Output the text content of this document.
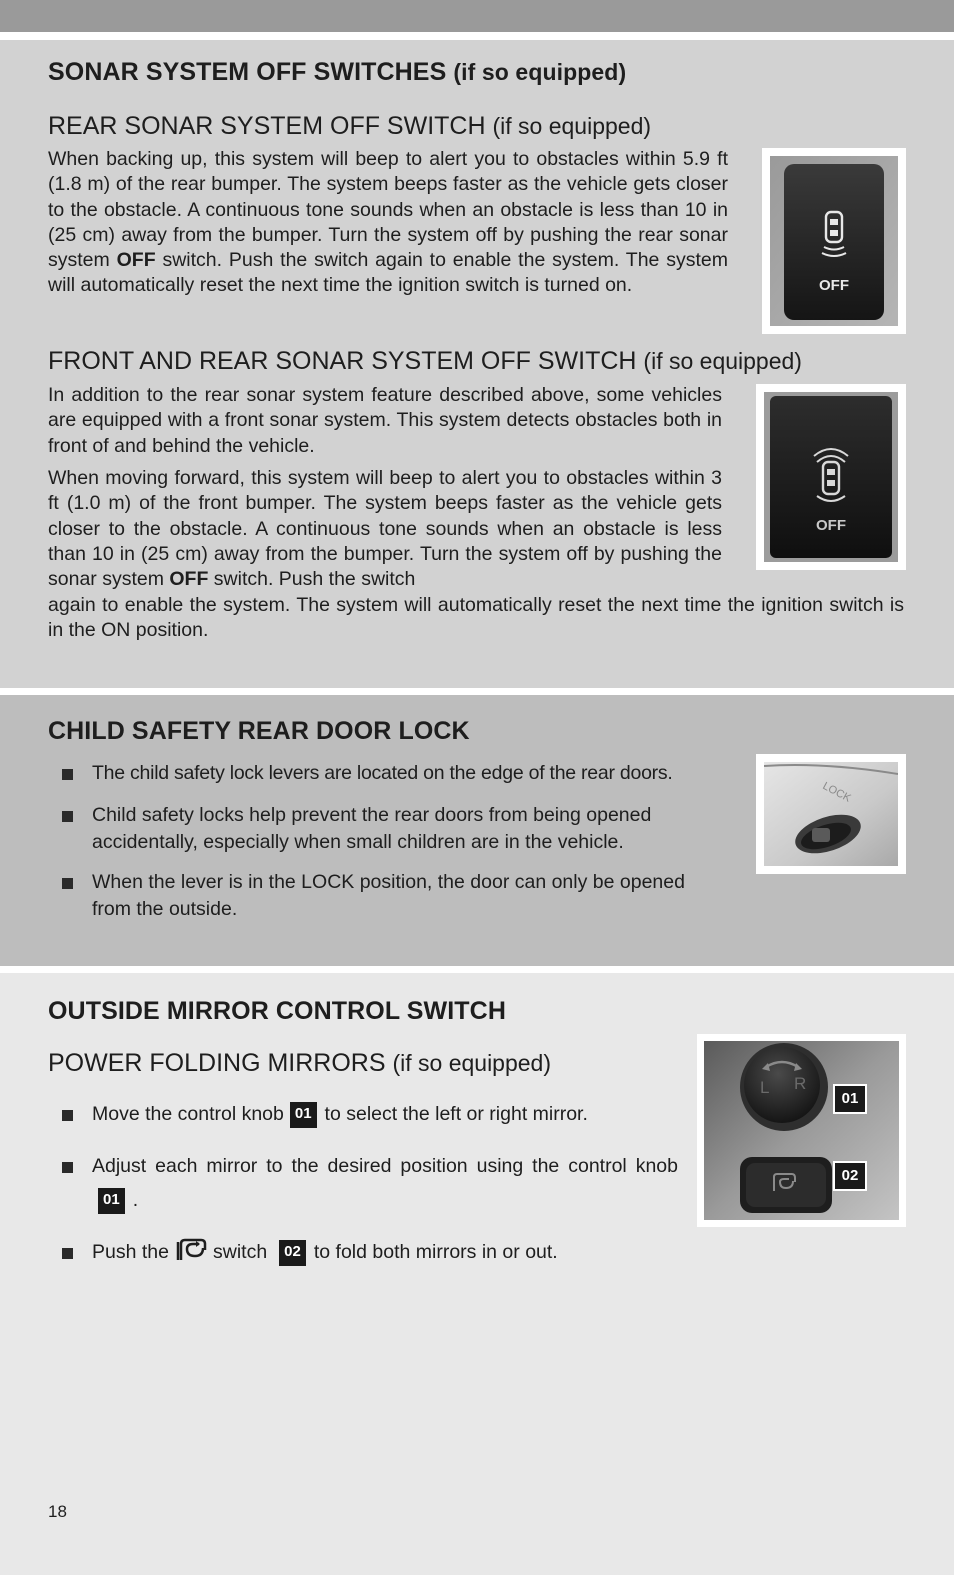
SONAR SYSTEM OFF SWITCHES (if so equipped)
REAR SONAR SYSTEM OFF SWITCH (if so equipped)

When backing up, this system will beep to alert you to obstacles within 5.9 ft (1.8 m) of the rear bumper. The system beeps faster as the vehicle gets closer to the obstacle. A continuous tone sounds when an obstacle is less than 10 in (25 cm) away from the bumper. Turn the system off by pushing the rear sonar system OFF switch. Push the switch again to enable the system. The system will automatically reset the next time the ignition switch is turned on.	OFF
FRONT AND REAR SONAR SYSTEM OFF SWITCH (if so equipped)

In addition to the rear sonar system feature described above, some vehicles are equipped with a front sonar system. This system detects obstacles both in front of and behind the vehicle.

When moving forward, this system will beep to alert you to obstacles within 3 ft (1.0 m) of the front bumper. The system beeps faster as the vehicle gets closer to the obstacle. A continuous tone sounds when an obstacle is less than 10 in (25 cm) away from the bumper. Turn the system off by pushing the sonar system OFF switch. Push the switch

again to enable the system. The system will automatically reset the next time the ignition switch is in the ON position.

OFF
CHILD SAFETY REAR DOOR LOCK
The child safety lock levers are located on the edge of the rear doors.
Child safety locks help prevent the rear doors from being opened accidentally, especially when small children are in the vehicle.
When the lever is in the LOCK position, the door can only be opened from the outside.
LOCK
OUTSIDE MIRROR CONTROL SWITCH
POWER FOLDING MIRRORS (if so equipped)
Move the control knob 01 to select the left or right mirror.
Adjust each mirror to the desired position using the control knob01 .
Push the switch 02 to fold both mirrors in or out.
L R
01
02
18
